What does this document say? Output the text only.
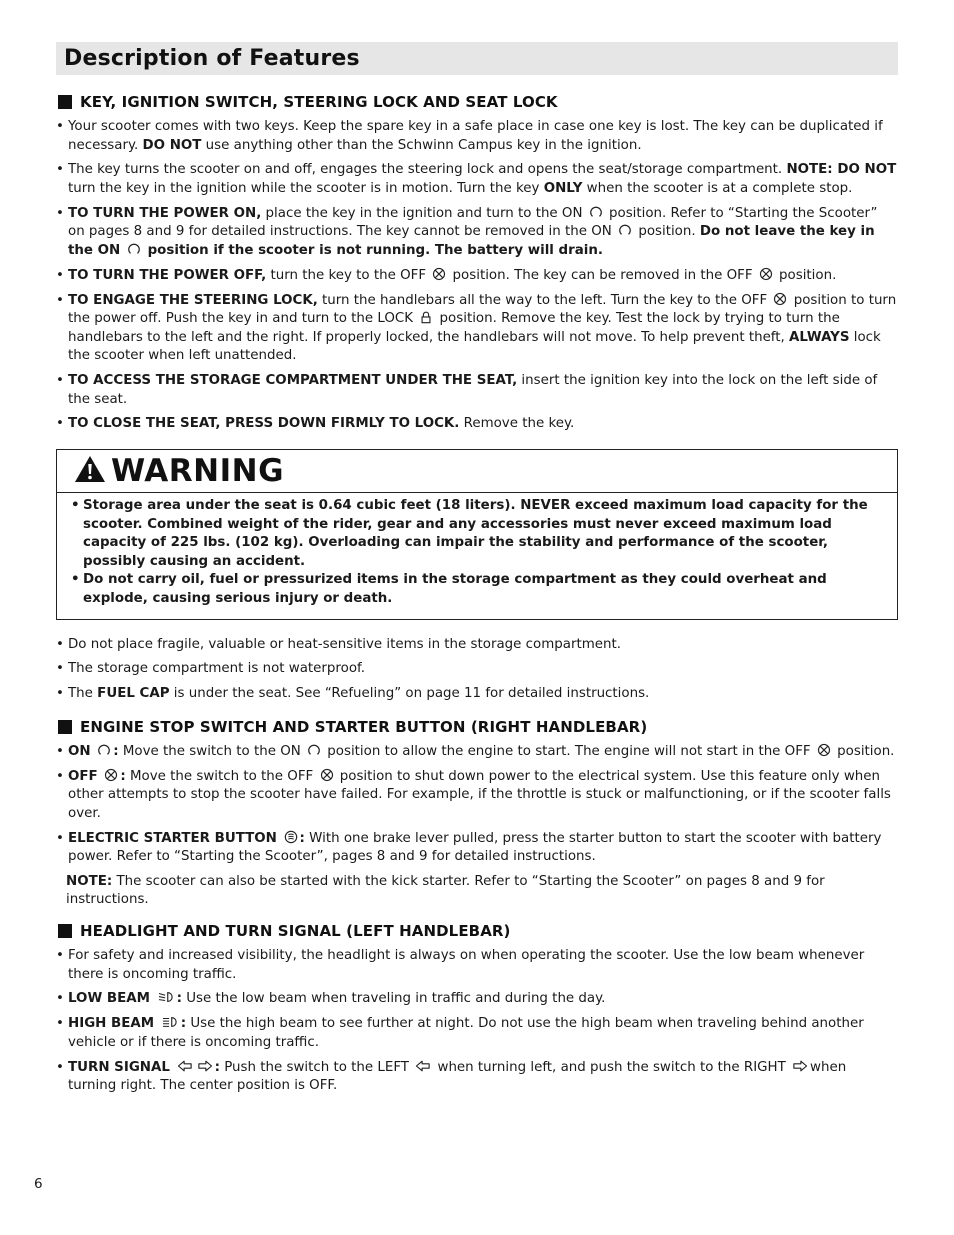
Description of Features
KEY, IGNITION SWITCH, STEERING LOCK AND SEAT LOCK
• Your scooter comes with two keys. Keep the spare key in a safe place in case one key is lost. The key can be duplicated if necessary. DO NOT use anything other than the Schwinn Campus key in the ignition.
• The key turns the scooter on and off, engages the steering lock and opens the seat/storage compartment. NOTE: DO NOT turn the key in the ignition while the scooter is in motion. Turn the key ONLY when the scooter is at a complete stop.
• TO TURN THE POWER ON, place the key in the ignition and turn to the ON
position. Refer to “Starting the Scooter” on pages 8 and 9 for detailed instructions. The key cannot be removed in the ON
position. Do not leave the key in the ON
position if the scooter is not running. The battery will drain.
• TO TURN THE POWER OFF, turn the key to the OFF
position. The key can be removed in the OFF
position.
• TO ENGAGE THE STEERING LOCK, turn the handlebars all the way to the left. Turn the key to the OFF
position to turn the power off. Push the key in and turn to the LOCK
position. Remove the key. Test the lock by trying to turn the handlebars to the left and the right. If properly locked, the handlebars will not move. To help prevent theft, ALWAYS lock the scooter when left unattended.
• TO ACCESS THE STORAGE COMPARTMENT UNDER THE SEAT, insert the ignition key into the lock on the left side of the seat.
• TO CLOSE THE SEAT, PRESS DOWN FIRMLY TO LOCK. Remove the key.
WARNING
• Storage area under the seat is 0.64 cubic feet (18 liters). NEVER exceed maximum load capacity for the scooter. Combined weight of the rider, gear and any accessories must never exceed maximum load capacity of 225 lbs. (102 kg). Overloading can impair the stability and performance of the scooter, possibly causing an accident.
• Do not carry oil, fuel or pressurized items in the storage compartment as they could overheat and explode, causing serious injury or death.
• Do not place fragile, valuable or heat-sensitive items in the storage compartment.
• The storage compartment is not waterproof.
• The FUEL CAP is under the seat. See “Refueling” on page 11 for detailed instructions.
ENGINE STOP SWITCH AND STARTER BUTTON (RIGHT HANDLEBAR)
• ON
: Move the switch to the ON
position to allow the engine to start. The engine will not start in the OFF
position.
• OFF
: Move the switch to the OFF
position to shut down power to the electrical system. Use this feature only when other attempts to stop the scooter have failed. For example, if the throttle is stuck or malfunctioning, or if the scooter falls over.
• ELECTRIC STARTER BUTTON
: With one brake lever pulled, press the starter button to start the scooter with battery power. Refer to “Starting the Scooter”, pages 8 and 9 for detailed instructions.
NOTE: The scooter can also be started with the kick starter. Refer to “Starting the Scooter” on pages 8 and 9 for instructions.
HEADLIGHT AND TURN SIGNAL (LEFT HANDLEBAR)
• For safety and increased visibility, the headlight is always on when operating the scooter. Use the low beam whenever there is oncoming traffic.
• LOW BEAM
: Use the low beam when traveling in traffic and during the day.
• HIGH BEAM
: Use the high beam to see further at night. Do not use the high beam when traveling behind another vehicle or if there is oncoming traffic.
• TURN SIGNAL	: Push the switch to the LEFT
when turning left, and push the switch to the RIGHT
when turning right. The center position is OFF.
6
